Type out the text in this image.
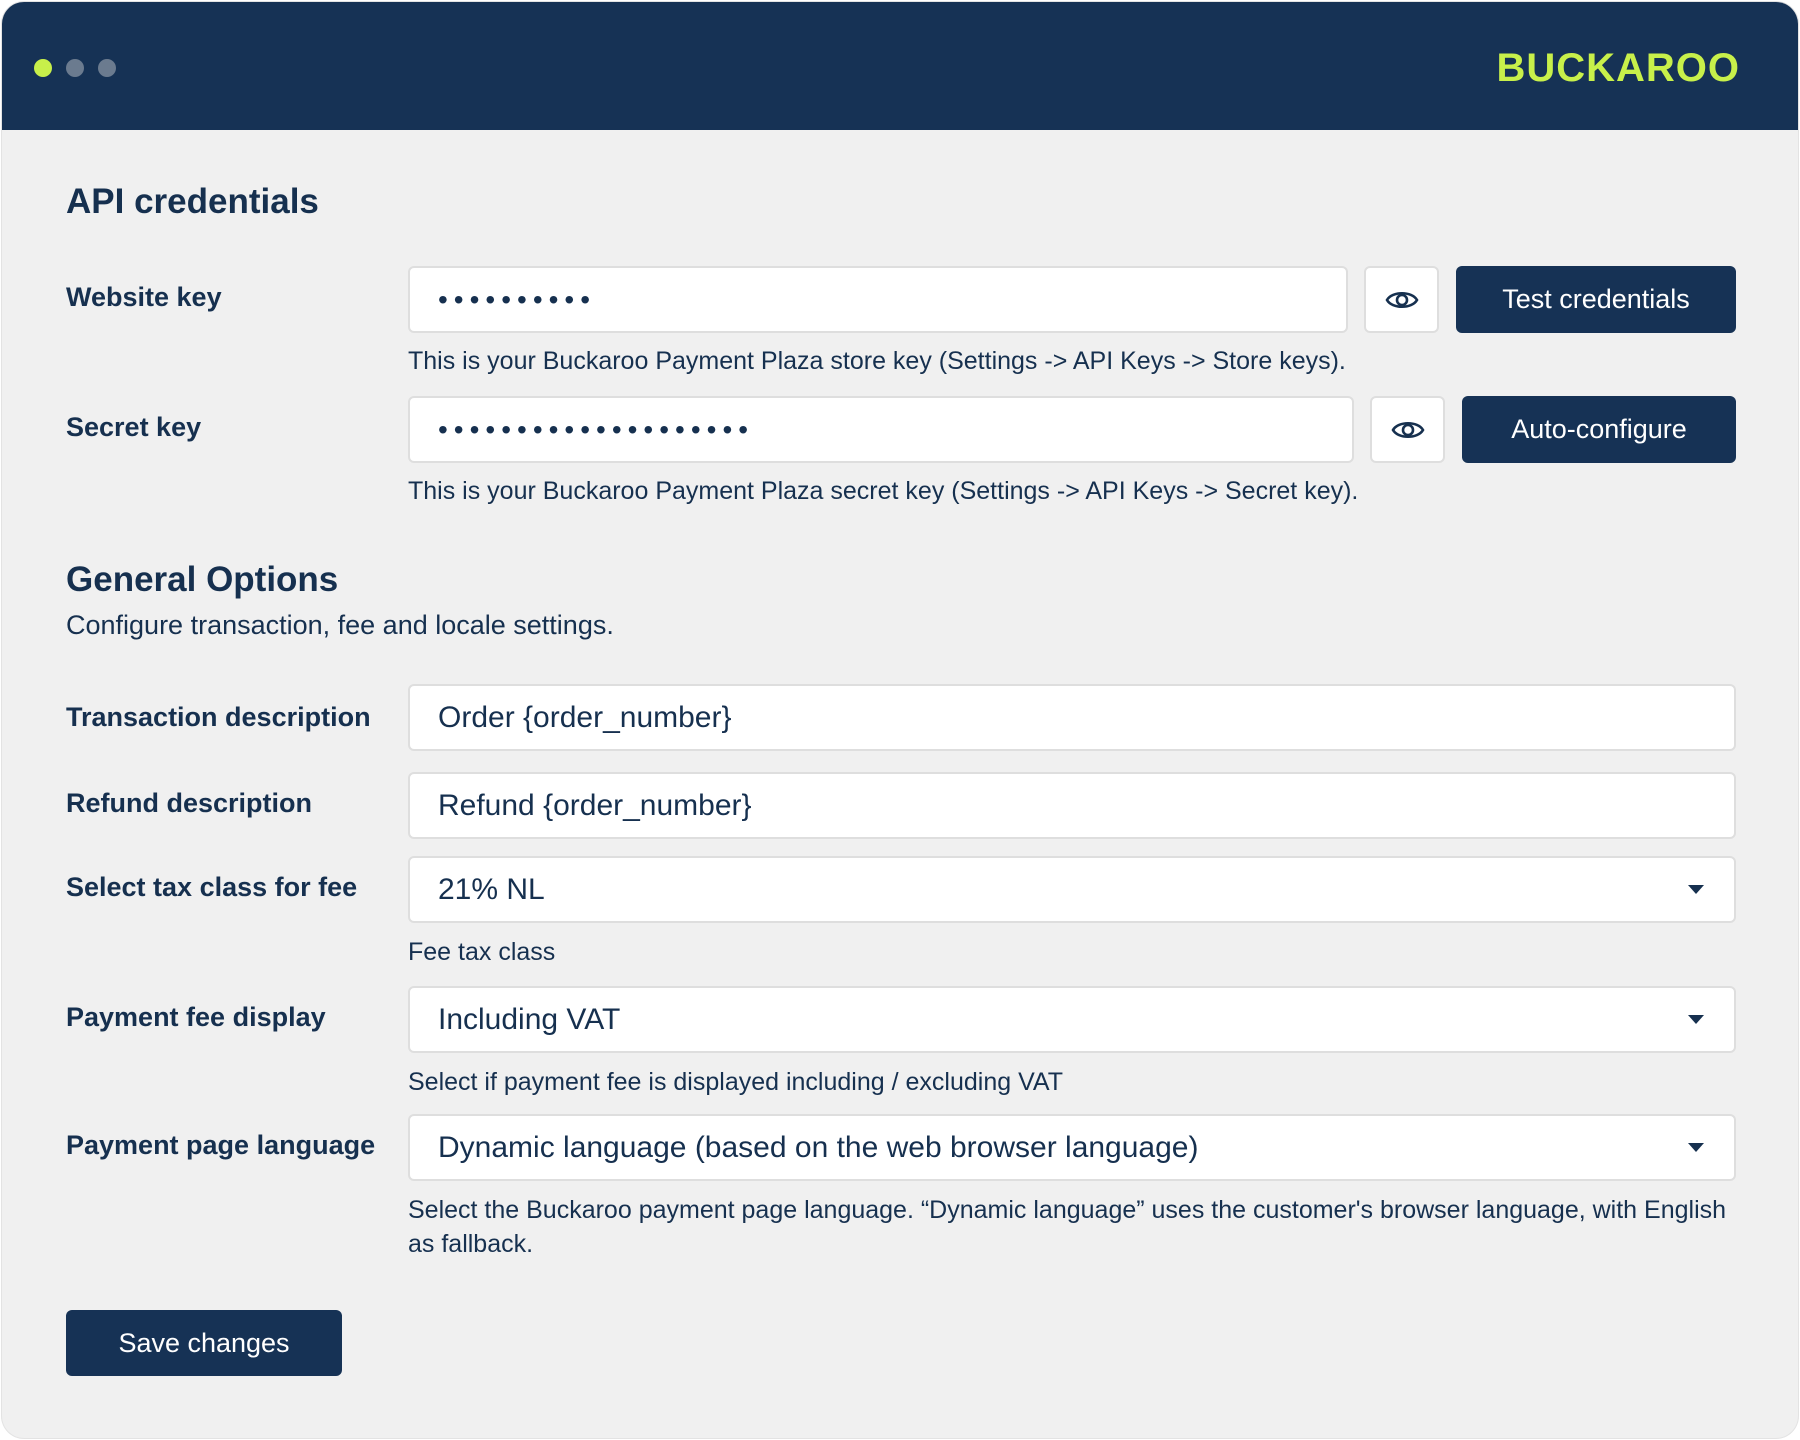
BUCKAROO
API credentials
Website key	••••••••••	Test credentials
This is your Buckaroo Payment Plaza store key (Settings -> API Keys -> Store keys).
Secret key	••••••••••••••••••••	Auto-configure
This is your Buckaroo Payment Plaza secret key (Settings -> API Keys -> Secret key).
General Options

Configure transaction, fee and locale settings.

Transaction description	Order {order_number}
Refund description	Refund {order_number}
Select tax class for fee	21% NL
Fee tax class
Payment fee display	Including VAT
Select if payment fee is displayed including / excluding VAT
Payment page language	Dynamic language (based on the web browser language)
Select the Buckaroo payment page language. “Dynamic language” uses the customer's browser language, with English as fallback.
Save changes
